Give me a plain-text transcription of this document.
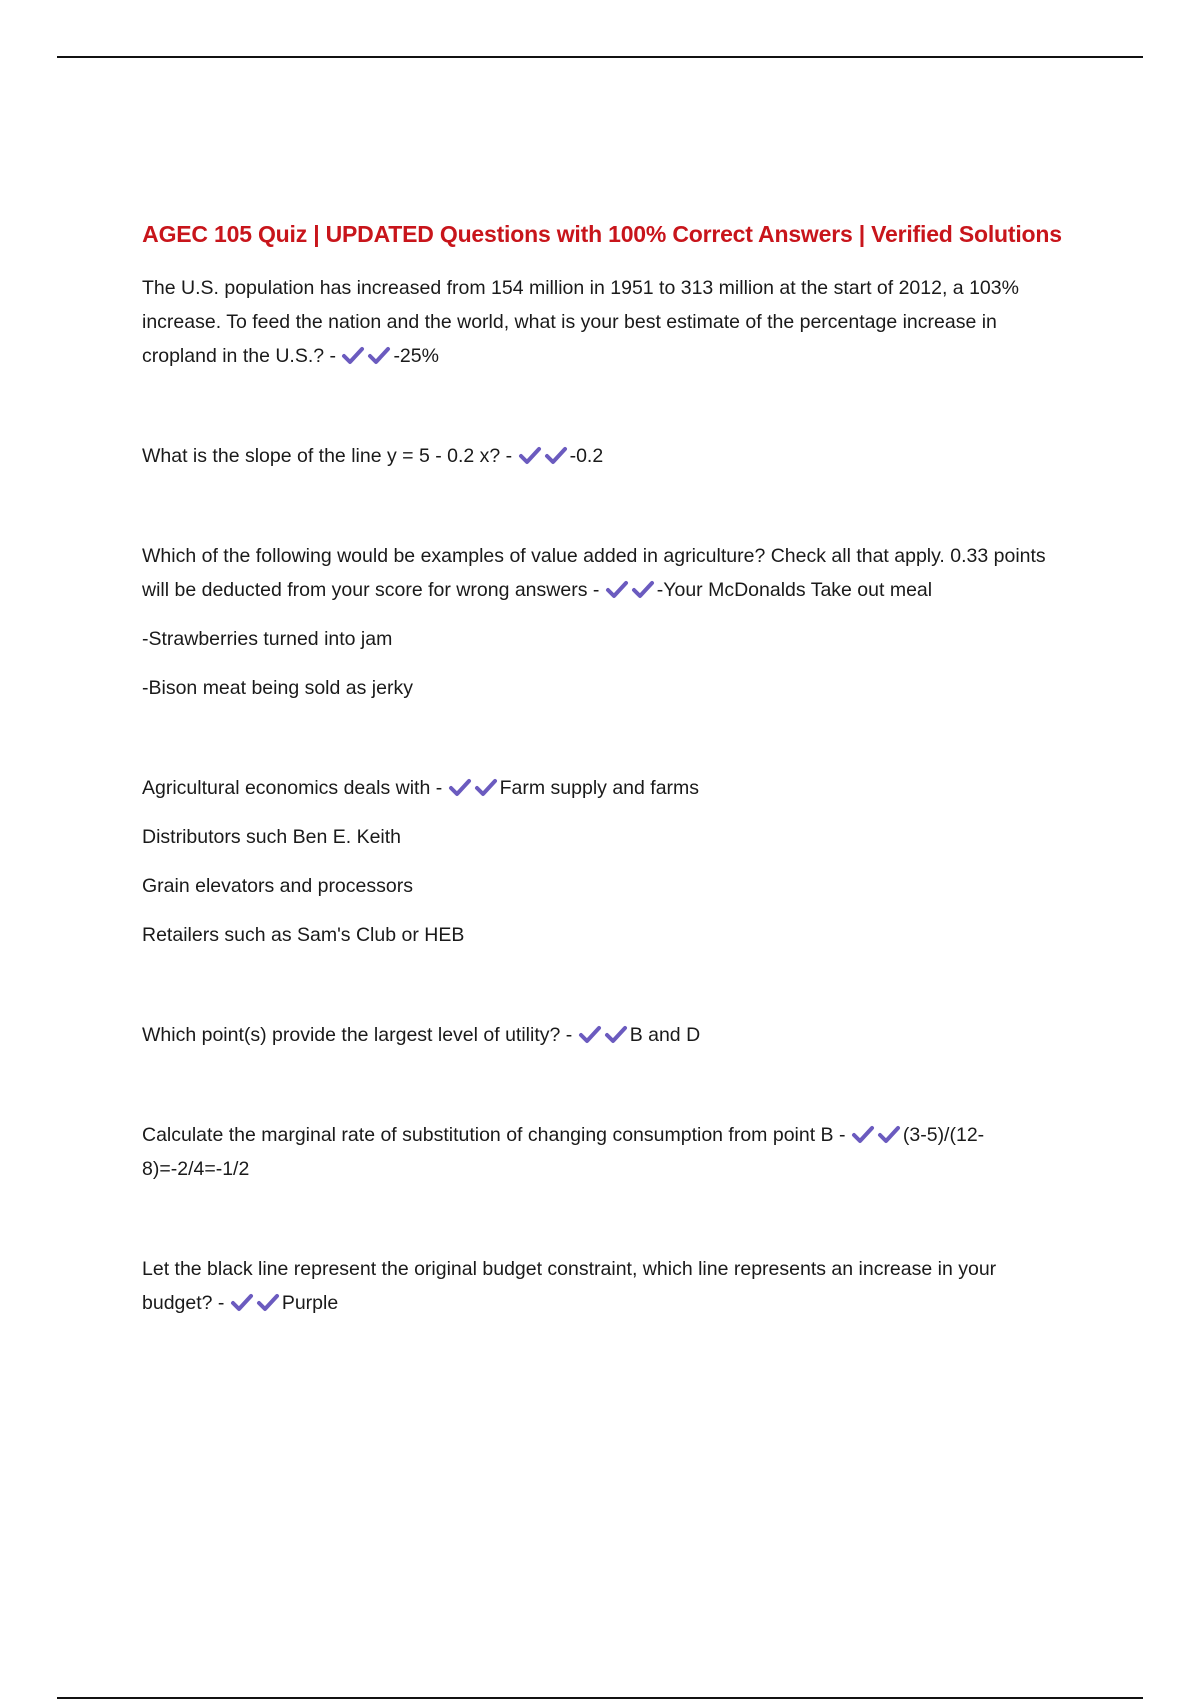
AGEC 105 Quiz | UPDATED Questions with 100% Correct Answers | Verified Solutions

The U.S. population has increased from 154 million in 1951 to 313 million at the start of 2012, a 103% increase. To feed the nation and the world, what is your best estimate of the percentage increase in cropland in the U.S.? -	-25%

What is the slope of the line y = 5 - 0.2 x? -	-0.2

Which of the following would be examples of value added in agriculture? Check all that apply. 0.33 points will be deducted from your score for wrong answers -	-Your McDonalds Take out meal

-Strawberries turned into jam

-Bison meat being sold as jerky

Agricultural economics deals with -	Farm supply and farms

Distributors such Ben E. Keith

Grain elevators and processors

Retailers such as Sam's Club or HEB

Which point(s) provide the largest level of utility? -	B and D

Calculate the marginal rate of substitution of changing consumption from point B -	(3-5)/(12-8)=-2/4=-1/2

Let the black line represent the original budget constraint, which line represents an increase in your budget? -	Purple
